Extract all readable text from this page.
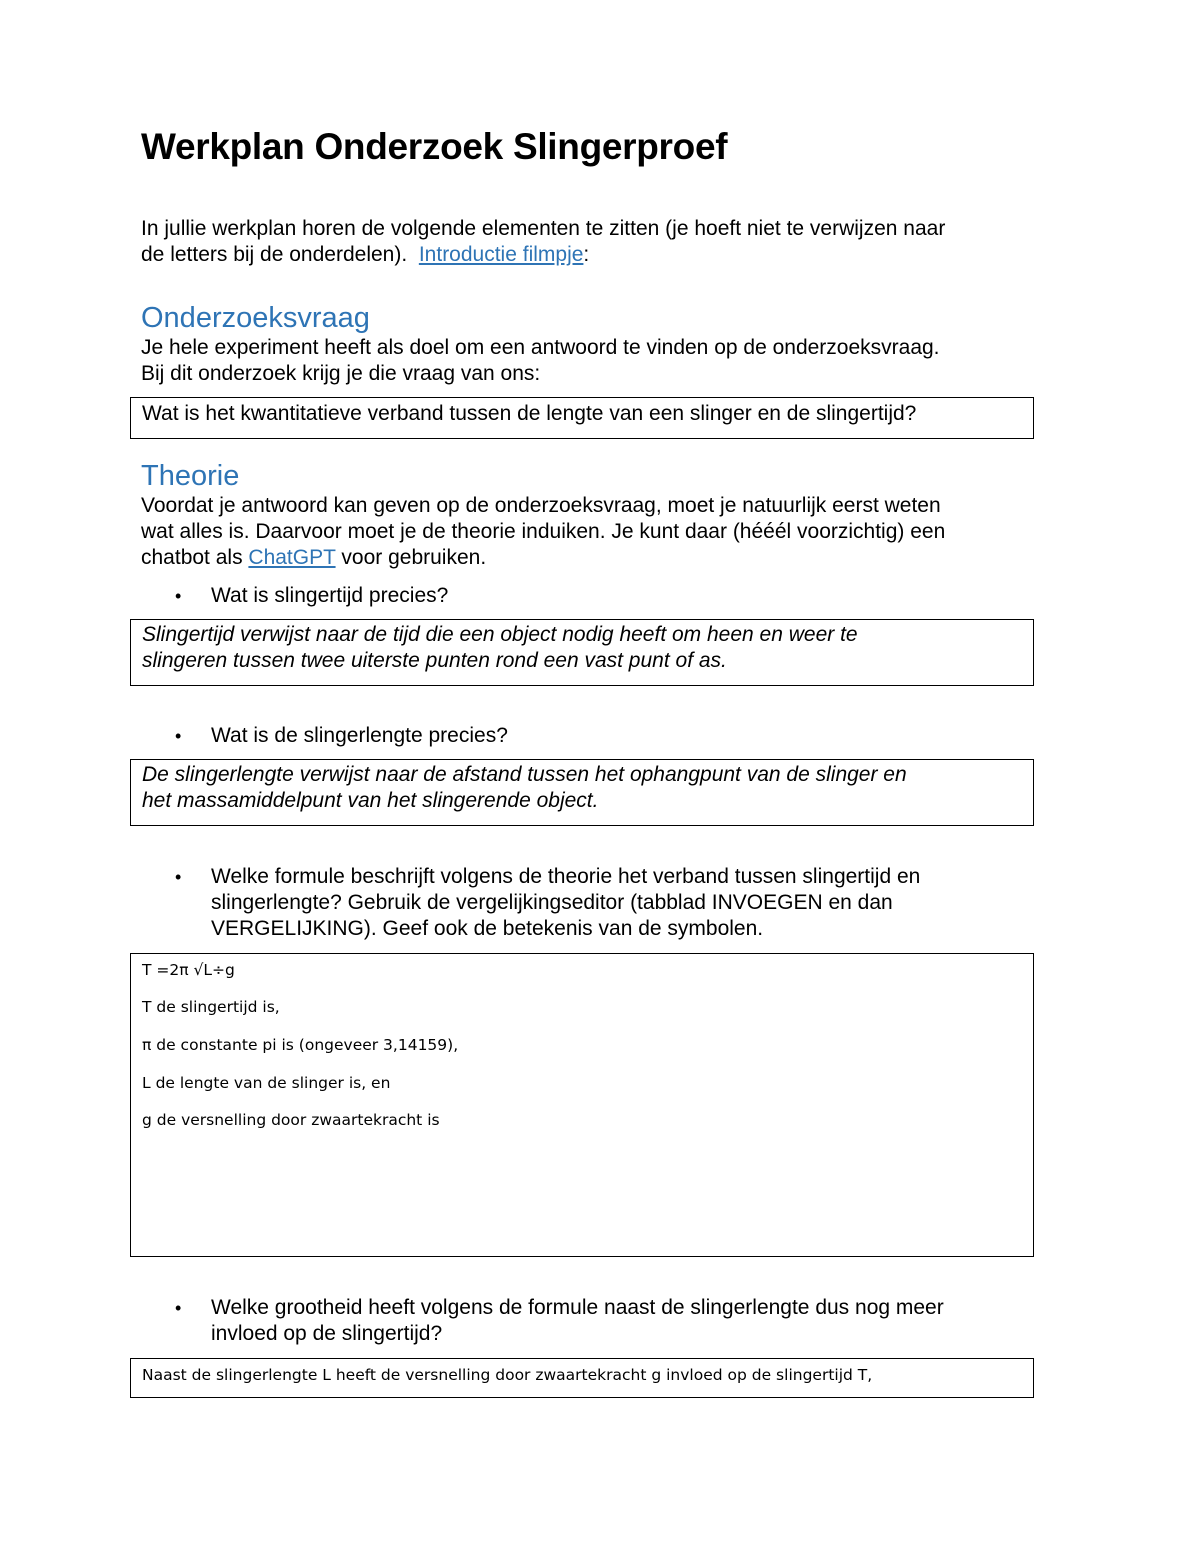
Werkplan Onderzoek Slingerproef
In jullie werkplan horen de volgende elementen te zitten (je hoeft niet te verwijzen naar
de letters bij de onderdelen).  Introductie filmpje:
Onderzoeksvraag
Je hele experiment heeft als doel om een antwoord te vinden op de onderzoeksvraag.
Bij dit onderzoek krijg je die vraag van ons:
Wat is het kwantitatieve verband tussen de lengte van een slinger en de slingertijd?
Theorie
Voordat je antwoord kan geven op de onderzoeksvraag, moet je natuurlijk eerst weten
wat alles is. Daarvoor moet je de theorie induiken. Je kunt daar (hééél voorzichtig) een
chatbot als ChatGPT voor gebruiken.
• Wat is slingertijd precies?
Slingertijd verwijst naar de tijd die een object nodig heeft om heen en weer te
slingeren tussen twee uiterste punten rond een vast punt of as.
• Wat is de slingerlengte precies?
De slingerlengte verwijst naar de afstand tussen het ophangpunt van de slinger en
het massamiddelpunt van het slingerende object.
• Welke formule beschrijft volgens de theorie het verband tussen slingertijd en
slingerlengte? Gebruik de vergelijkingseditor (tabblad INVOEGEN en dan
VERGELIJKING). Geef ook de betekenis van de symbolen.
T =2π √L÷g
T de slingertijd is,
π de constante pi is (ongeveer 3,14159),
L de lengte van de slinger is, en
g de versnelling door zwaartekracht is
• Welke grootheid heeft volgens de formule naast de slingerlengte dus nog meer
invloed op de slingertijd?
Naast de slingerlengte L heeft de versnelling door zwaartekracht g invloed op de slingertijd T,
